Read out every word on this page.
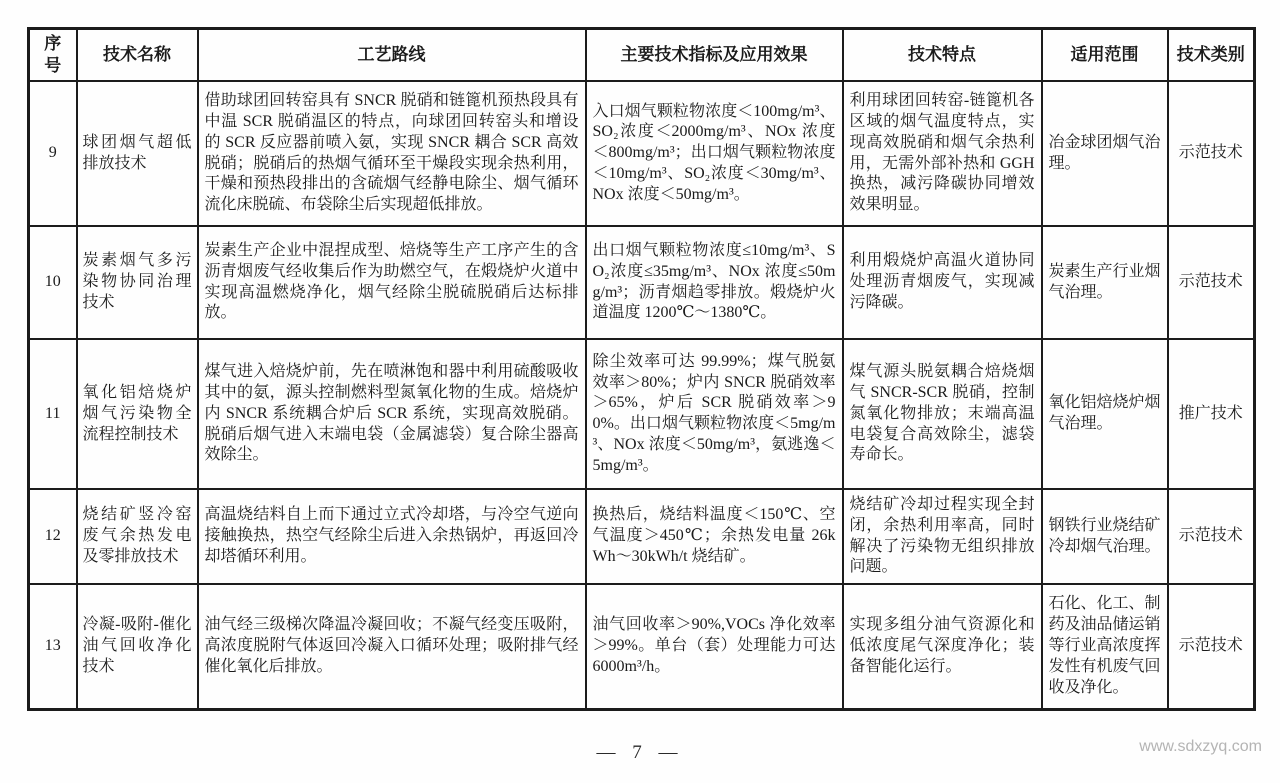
序号	技术名称	工艺路线	主要技术指标及应用效果	技术特点	适用范围	技术类别
9	球团烟气超低排放技术	借助球团回转窑具有 SNCR 脱硝和链篦机预热段具有中温 SCR 脱硝温区的特点，向球团回转窑头和增设的 SCR 反应器前喷入氨，实现 SNCR 耦合 SCR 高效脱硝；脱硝后的热烟气循环至干燥段实现余热利用，干燥和预热段排出的含硫烟气经静电除尘、烟气循环流化床脱硫、布袋除尘后实现超低排放。	入口烟气颗粒物浓度＜100mg/m³、SO₂浓度＜2000mg/m³、NOx 浓度＜800mg/m³；出口烟气颗粒物浓度＜10mg/m³、SO₂浓度＜30mg/m³、NOx 浓度＜50mg/m³。	利用球团回转窑-链篦机各区域的烟气温度特点，实现高效脱硝和烟气余热利用，无需外部补热和 GGH 换热，减污降碳协同增效效果明显。	冶金球团烟气治理。	示范技术
10	炭素烟气多污染物协同治理技术	炭素生产企业中混捏成型、焙烧等生产工序产生的含沥青烟废气经收集后作为助燃空气，在煅烧炉火道中实现高温燃烧净化，烟气经除尘脱硫脱硝后达标排放。	出口烟气颗粒物浓度≤10mg/m³、SO₂浓度≤35mg/m³、NOx 浓度≤50mg/m³；沥青烟趋零排放。煅烧炉火道温度 1200℃～1380℃。	利用煅烧炉高温火道协同处理沥青烟废气，实现减污降碳。	炭素生产行业烟气治理。	示范技术
11	氧化铝焙烧炉烟气污染物全流程控制技术	煤气进入焙烧炉前，先在喷淋饱和器中利用硫酸吸收其中的氨，源头控制燃料型氮氧化物的生成。焙烧炉内 SNCR 系统耦合炉后 SCR 系统，实现高效脱硝。脱硝后烟气进入末端电袋（金属滤袋）复合除尘器高效除尘。	除尘效率可达 99.99%；煤气脱氨效率＞80%；炉内 SNCR 脱硝效率＞65%，炉后 SCR 脱硝效率＞90%。出口烟气颗粒物浓度＜5mg/m³、NOx 浓度＜50mg/m³，氨逃逸＜5mg/m³。	煤气源头脱氨耦合焙烧烟气 SNCR-SCR 脱硝，控制氮氧化物排放；末端高温电袋复合高效除尘，滤袋寿命长。	氧化铝焙烧炉烟气治理。	推广技术
12	烧结矿竖冷窑废气余热发电及零排放技术	高温烧结料自上而下通过立式冷却塔，与冷空气逆向接触换热，热空气经除尘后进入余热锅炉，再返回冷却塔循环利用。	换热后，烧结料温度＜150℃、空气温度＞450℃；余热发电量 26kWh～30kWh/t 烧结矿。	烧结矿冷却过程实现全封闭，余热利用率高，同时解决了污染物无组织排放问题。	钢铁行业烧结矿冷却烟气治理。	示范技术
13	冷凝-吸附-催化油气回收净化技术	油气经三级梯次降温冷凝回收；不凝气经变压吸附，高浓度脱附气体返回冷凝入口循环处理；吸附排气经催化氧化后排放。	油气回收率＞90%,VOCs 净化效率＞99%。单台（套）处理能力可达 6000m³/h。	实现多组分油气资源化和低浓度尾气深度净化；装备智能化运行。	石化、化工、制药及油品储运销等行业高浓度挥发性有机废气回收及净化。	示范技术
— 7 —	www.sdxzyq.com
